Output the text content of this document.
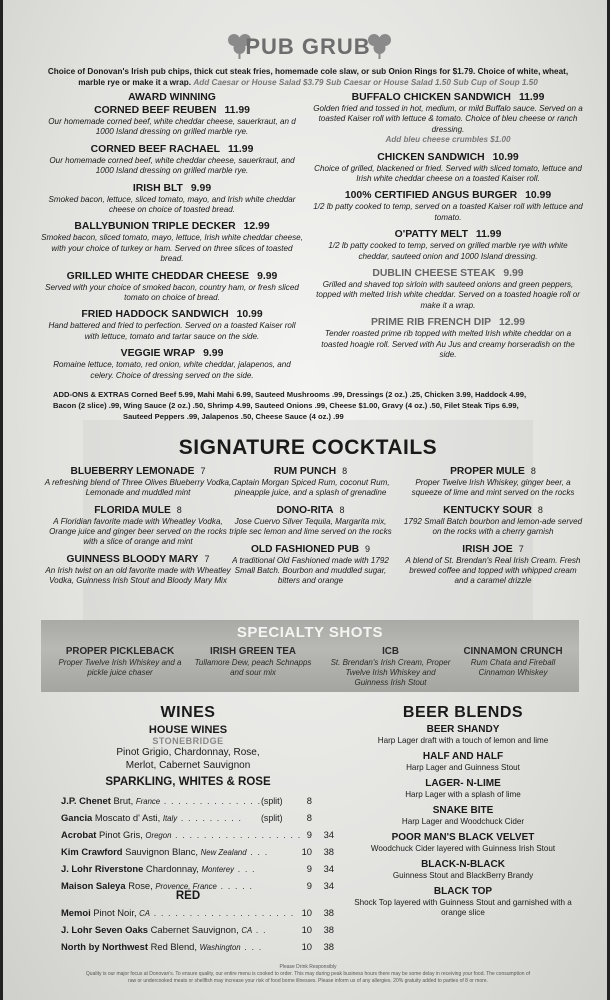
PUB GRUB
Choice of Donovan's Irish pub chips, thick cut steak fries, homemade cole slaw, or sub Onion Rings for $1.79. Choice of white, wheat,
marble rye or make it a wrap. Add Caesar or House Salad $3.79 Sub Caesar or House Salad 1.50 Sub Cup of Soup 1.50
AWARD WINNING
CORNED BEEF REUBEN 11.99
Our homemade corned beef, white cheddar cheese, sauerkraut, an d 1000 Island dressing on grilled marble rye.
CORNED BEEF RACHAEL 11.99
Our homemade corned beef, white cheddar cheese, sauerkraut, and 1000 Island dressing on grilled marble rye.
IRISH BLT 9.99
Smoked bacon, lettuce, sliced tomato, mayo, and Irish white cheddar cheese on choice of toasted bread.
BALLYBUNION TRIPLE DECKER 12.99
Smoked bacon, sliced tomato, mayo, lettuce, Irish white cheddar cheese, with your choice of turkey or ham. Served on three slices of toasted bread.
GRILLED WHITE CHEDDAR CHEESE 9.99
Served with your choice of smoked bacon, country ham, or fresh sliced tomato on choice of bread.
FRIED HADDOCK SANDWICH 10.99
Hand battered and fried to perfection. Served on a toasted Kaiser roll with lettuce, tomato and tartar sauce on the side.
VEGGIE WRAP 9.99
Romaine lettuce, tomato, red onion, white cheddar, jalapenos, and celery. Choice of dressing served on the side.
BUFFALO CHICKEN SANDWICH 11.99
Golden fried and tossed in hot, medium, or mild Buffalo sauce. Served on a toasted Kaiser roll with lettuce & tomato. Choice of bleu cheese or ranch dressing.
Add bleu cheese crumbles $1.00
CHICKEN SANDWICH 10.99
Choice of grilled, blackened or fried. Served with sliced tomato, lettuce and Irish white cheddar cheese on a toasted Kaiser roll.
100% CERTIFIED ANGUS BURGER 10.99
1/2 lb patty cooked to temp, served on a toasted Kaiser roll with lettuce and tomato.
O'PATTY MELT 11.99
1/2 lb patty cooked to temp, served on grilled marble rye with white cheddar, sauteed onion and 1000 Island dressing.
DUBLIN CHEESE STEAK 9.99
Grilled and shaved top sirloin with sauteed onions and green peppers, topped with melted Irish white cheddar. Served on a toasted hoagie roll or make it a wrap.
PRIME RIB FRENCH DIP 12.99
Tender roasted prime rib topped with melted Irish white cheddar on a toasted hoagie roll. Served with Au Jus and creamy horseradish on the side.
ADD-ONS & EXTRAS Corned Beef 5.99, Mahi Mahi 6.99, Sauteed Mushrooms .99, Dressings (2 oz.) .25, Chicken 3.99, Haddock 4.99,
Bacon (2 slice) .99, Wing Sauce (2 oz.) .50, Shrimp 4.99, Sauteed Onions .99, Cheese $1.00, Gravy (4 oz.) .50, Filet Steak Tips 6.99,
Sauteed Peppers .99, Jalapenos .50, Cheese Sauce (4 oz.) .99
SIGNATURE COCKTAILS
BLUEBERRY LEMONADE 7
A refreshing blend of Three Olives Blueberry Vodka, Lemonade and muddled mint
FLORIDA MULE 8
A Floridian favorite made with Wheatley Vodka, Orange juice and ginger beer served on the rocks with a slice of orange and mint
GUINNESS BLOODY MARY 7
An Irish twist on an old favorite made with Wheatley Vodka, Guinness Irish Stout and Bloody Mary Mix
RUM PUNCH 8
Captain Morgan Spiced Rum, coconut Rum, pineapple juice, and a splash of grenadine
DONO-RITA 8
Jose Cuervo Silver Tequila, Margarita mix, triple sec lemon and lime served on the rocks
OLD FASHIONED PUB 9
A traditional Old Fashioned made with 1792 Small Batch. Bourbon and muddled sugar, bitters and orange
PROPER MULE 8
Proper Twelve Irish Whiskey, ginger beer, a squeeze of lime and mint served on the rocks
KENTUCKY SOUR 8
1792 Small Batch bourbon and lemon-ade served on the rocks with a cherry garnish
IRISH JOE 7
A blend of St. Brendan's Real Irish Cream. Fresh brewed coffee and topped with whipped cream and a caramel drizzle
SPECIALTY SHOTS
PROPER PICKLEBACK
Proper Twelve Irish Whiskey and a pickle juice chaser
IRISH GREEN TEA
Tullamore Dew, peach Schnapps and sour mix
ICB
St. Brendan's Irish Cream, Proper Twelve Irish Whiskey and Guinness Irish Stout
CINNAMON CRUNCH
Rum Chata and Fireball Cinnamon Whiskey
WINES
HOUSE WINES
STONEBRIDGE
Pinot Grigio, Chardonnay, Rose,
Merlot, Cabernet Sauvignon
SPARKLING, WHITES & ROSE
J.P. Chenet Brut, France . . . . . . . . . . . . . . (split)	8
Gancia Moscato d' Asti, Italy . . . . . . . . . (split)	8
Acrobat Pinot Gris, Oregon . . . . . . . . . . . . . . . . . . 9	34
Kim Crawford Sauvignon Blanc, New Zealand . . .	10	38
J. Lohr Riverstone Chardonnay, Monterey . . .	9	34
Maison Saleya Rose, Provence, France . . . . .	9	34
Memoi Pinot Noir, CA . . . . . . . . . . . . . . . . . . . . 10	38
J. Lohr Seven Oaks Cabernet Sauvignon, CA . .	10	38
North by Northwest Red Blend, Washington . . .	10	38
RED
BEER BLENDS
BEER SHANDY
Harp Lager draft with a touch of lemon and lime
HALF AND HALF
Harp Lager and Guinness Stout
LAGER- N-LIME
Harp Lager with a splash of lime
SNAKE BITE
Harp Lager and Woodchuck Cider
POOR MAN'S BLACK VELVET
Woodchuck Cider layered with Guinness Irish Stout
BLACK-N-BLACK
Guinness Stout and BlackBerry Brandy
BLACK TOP
Shock Top layered with Guinness Stout and garnished with a orange slice
Please Drink Responsibly
Quality is our major focus at Donovan's. To ensure quality, our entire menu is cooked to order. This may during peak business hours there may be some delay in receiving your food. The consumption of
raw or undercooked meats or shellfish may increase your risk of food borne illnesses. Please inform us of any allergies. 20% gratuity added to parties of 8 or more.
